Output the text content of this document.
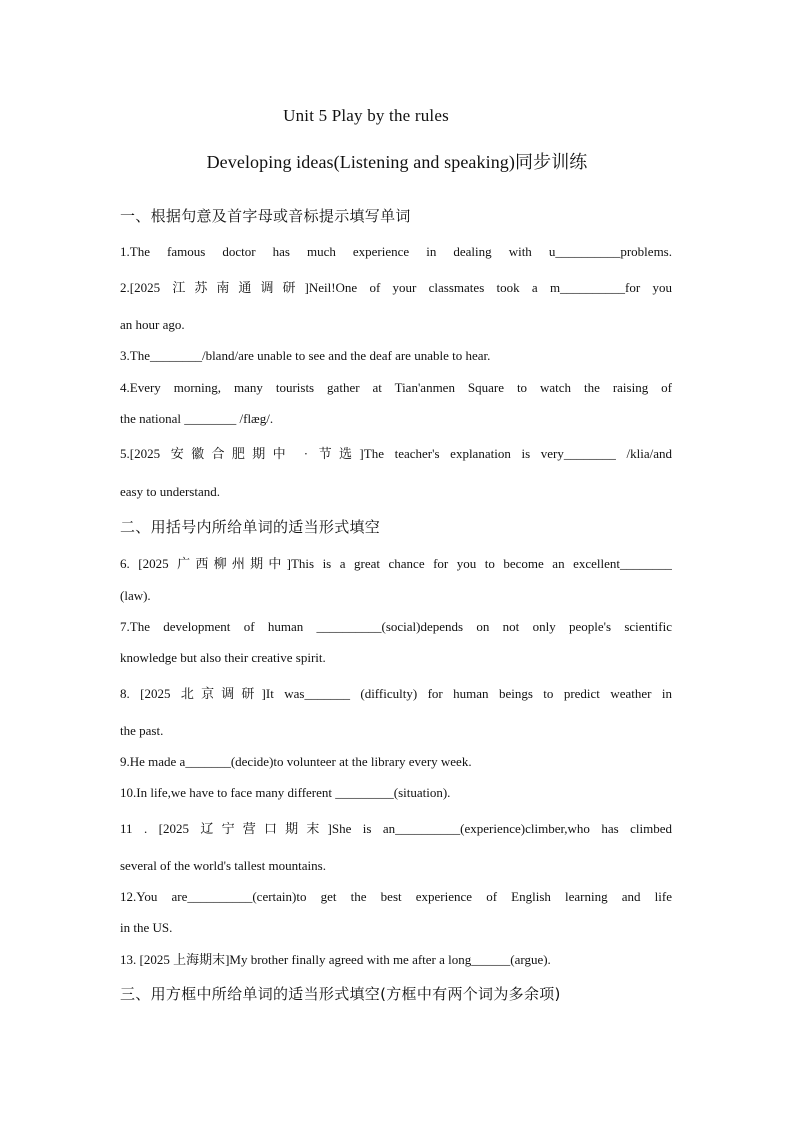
Unit 5 Play by the rules
Developing ideas(Listening and speaking)同步训练
一、根据句意及首字母或音标提示填写单词
1.The famous doctor has much experience in dealing with u__________problems.
2.[2025 江苏南通调研]Neil!One of your classmates took a m__________for you
an hour ago.
3.The________/bland/are unable to see and the deaf are unable to hear.
4.Every morning, many tourists gather at Tian'anmen Square to watch the raising of
the national ________ /flæg/.
5.[2025 安徽合肥期中 · 节选]The teacher's explanation is very________ /klia/and
easy to understand.
二、用括号内所给单词的适当形式填空
6. [2025 广西柳州期中]This is a great chance for you to become an excellent________
(law).
7.The development of human __________(social)depends on not only people's scientific
knowledge but also their creative spirit.
8. [2025 北京调研]It was_______ (difficulty) for human beings to predict weather in
the past.
9.He made a_______(decide)to volunteer at the library every week.
10.In life,we have to face many different _________(situation).
11 . [2025 辽宁营口期末]She is an__________(experience)climber,who has climbed
several of the world's tallest mountains.
12.You are__________(certain)to get the best experience of English learning and life
in the US.
13. [2025 上海期末]My brother finally agreed with me after a long______(argue).
三、用方框中所给单词的适当形式填空(方框中有两个词为多余项)
